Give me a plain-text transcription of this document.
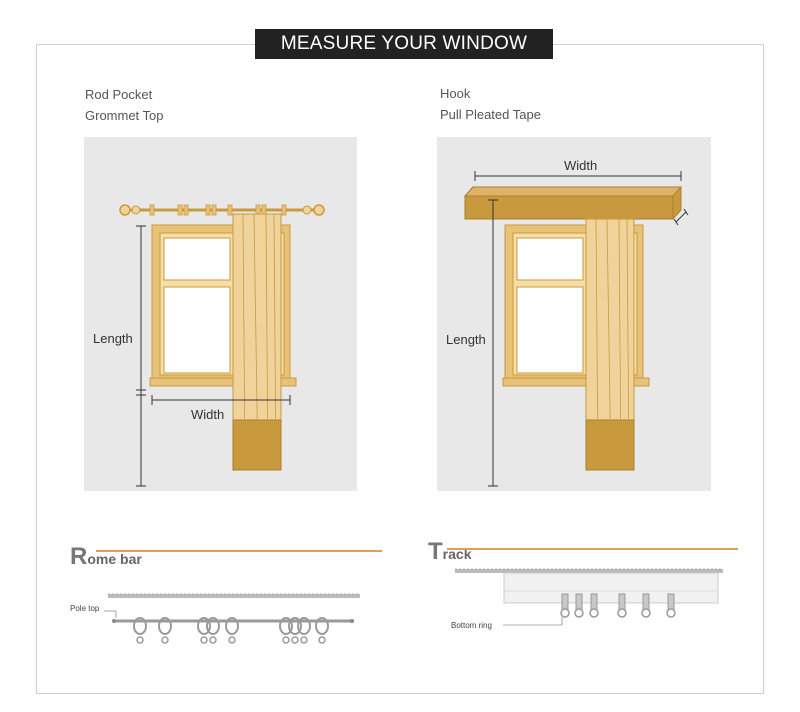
MEASURE YOUR WINDOW
Rod Pocket
Grommet Top
Hook
Pull Pleated Tape
Length
Width
Width
Length
Rome bar
Pole top
Track
Bottom ring
